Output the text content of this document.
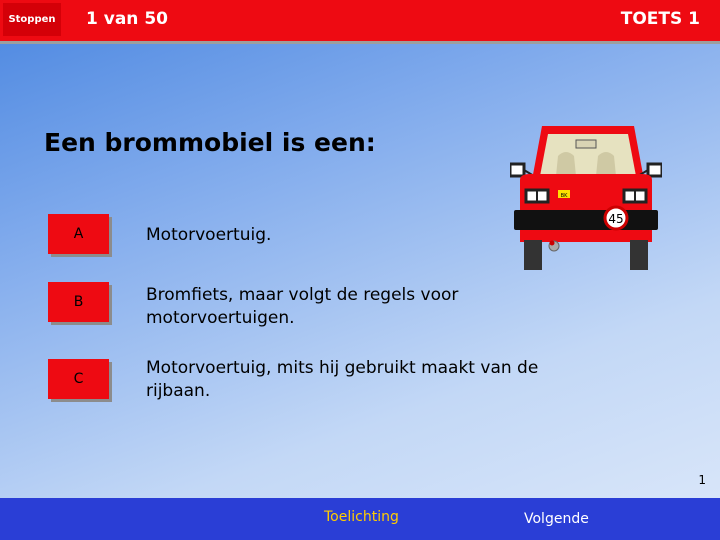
Stoppen	1 van 50	TOETS 1
Een brommobiel is een:
A	Motorvoertuig.
B	Bromfiets, maar volgt de regels voor motorvoertuigen.
C
Motorvoertuig, mits hij gebruikt maakt van de rijbaan.
BK
45
1
Toelichting	Volgende
